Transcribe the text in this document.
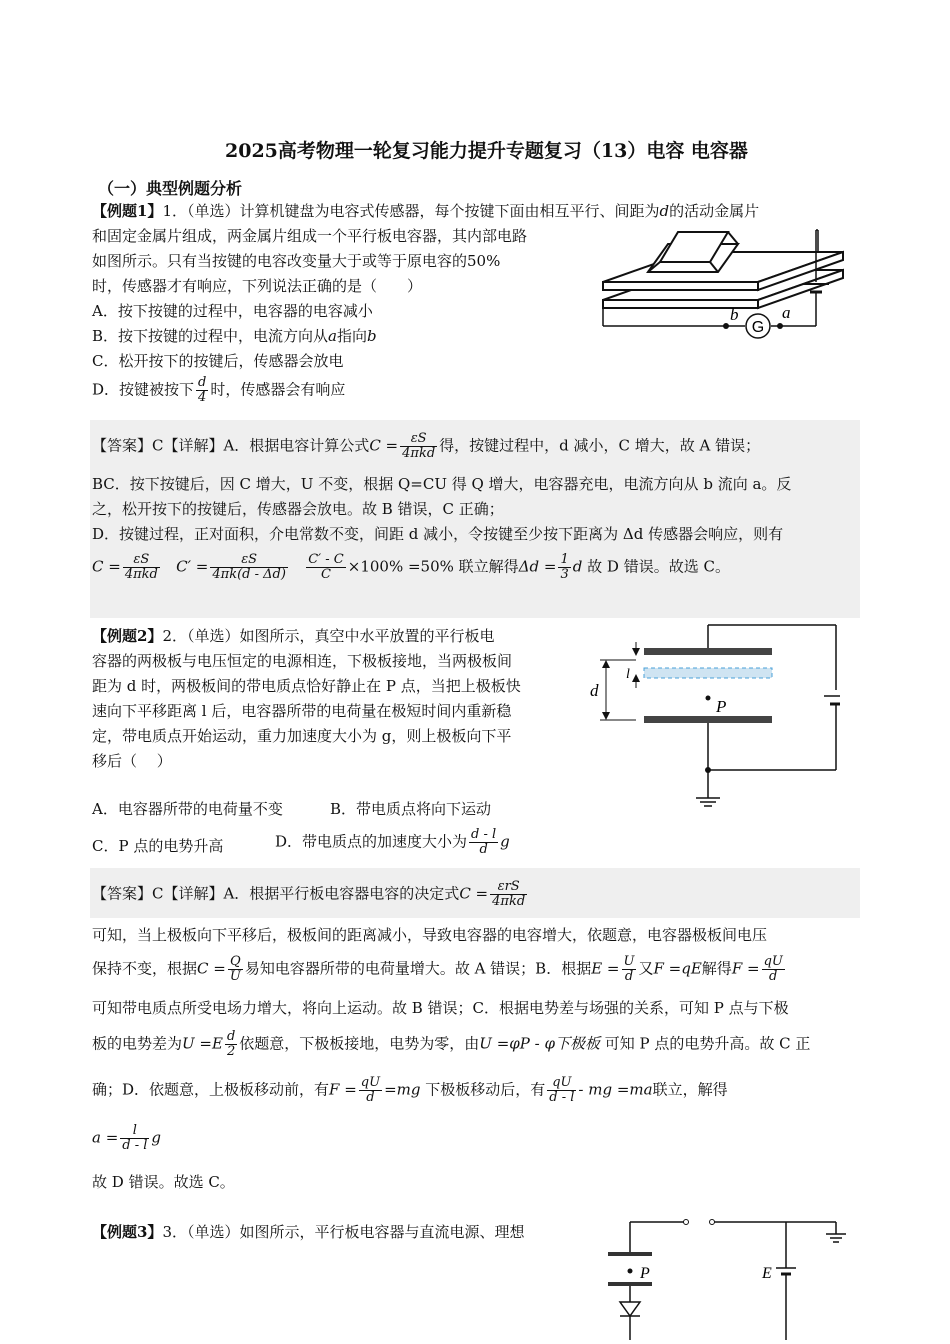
2025高考物理一轮复习能力提升专题复习（13）电容 电容器
（一）典型例题分析
【例题1】1．（单选）计算机键盘为电容式传感器，每个按键下面由相互平行、间距为d的活动金属片
和固定金属片组成，两金属片组成一个平行板电容器，其内部电路
如图所示。只有当按键的电容改变量大于或等于原电容的50%
时，传感器才有响应，下列说法正确的是（　　）
A．按下按键的过程中，电容器的电容减小
B．按下按键的过程中，电流方向从a指向b
C．松开按下的按键后，传感器会放电
D．按键被按下 $\frac{d}{4}$ 时，传感器会有响应
G
b	a
【答案】C【详解】A．根据电容计算公式$C = \frac{\varepsilon S}{\text{4πkd}}$ 得，按键过程中，d 减小，C 增大，故 A 错误；
BC．按下按键后，因 C 增大，U 不变，根据 Q=CU 得 Q 增大，电容器充电，电流方向从 b 流向 a。反
之，松开按下的按键后，传感器会放电。故 B 错误，C 正确；
D．按键过程，正对面积，介电常数不变，间距 d 减小，令按键至少按下距离为 Δd 传感器会响应，则有
$C = \frac{\varepsilon S}{\text{4πkd}} C' = \frac{\varepsilon S}{4\pi k(d - \Delta d)}$
$\frac{C' - C}{C} \times 100\% =50\%$ 联立解得$\Delta d = \frac{1}{3}$ d 故 D 错误。故选 C。
【例题2】2．（单选）如图所示，真空中水平放置的平行板电
容器的两极板与电压恒定的电源相连，下极板接地，当两极板间
距为 d 时，两极板间的带电质点恰好静止在 P 点，当把上极板快
速向下平移距离 l 后，电容器所带的电荷量在极短时间内重新稳
定，带电质点开始运动，重力加速度大小为 g，则上极板向下平
移后（　 ）
A．电容器所带的电荷量不变	B．带电质点将向下运动
C．P 点的电势升高	D．带电质点的加速度大小为 $\frac{d - l}{d}$ g
P
d
l
【答案】C【详解】A．根据平行板电容器电容的决定式$C = \frac{\text{εrS}}{\text{4πkd}}$
可知，当上极板向下平移后，极板间的距离减小，导致电容器的电容增大，依题意，电容器极板间电压
保持不变，根据$C = \frac{Q}{U}$ 易知电容器所带的电荷量增大。故 A 错误；B．根据$E = \frac{U}{d}$ 又F =qE解得$F = \frac{qU}{d}$
可知带电质点所受电场力增大，将向上运动。故 B 错误；C．根据电势差与场强的关系，可知 P 点与下极
板的电势差为$U =E \frac{d}{2}$ 依题意，下极板接地，电势为零，由U =φP - φ下极板 可知 P 点的电势升高。故 C 正
确；D．依题意，上极板移动前，有$F = \frac{qU}{d} =mg$ 下极板移动后，有 $\frac{qU}{d - l}$ - mg =ma联立，解得
$a = \frac{l}{d - l}$ g
故 D 错误。故选 C。
【例题3】3．（单选）如图所示，平行板电容器与直流电源、理想
P	E
